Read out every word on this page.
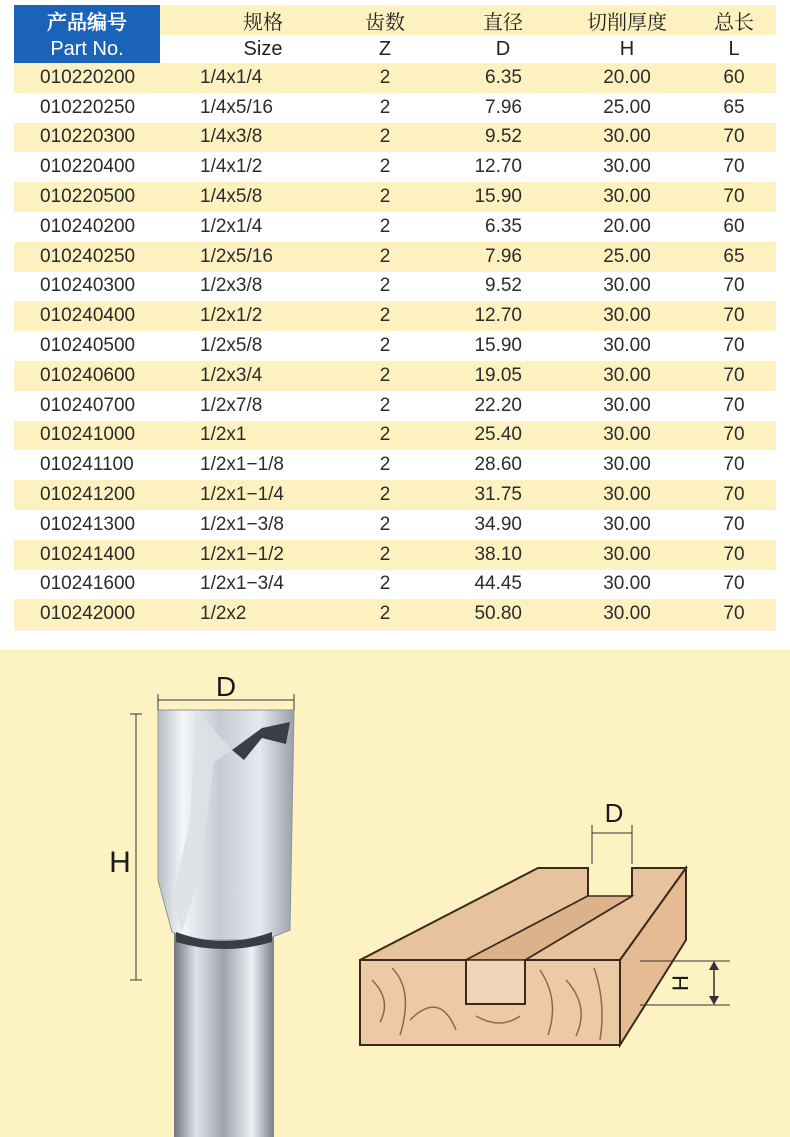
产品编号	规格	齿数	直径	切削厚度	总长
Part No.	Size	Z	D	H	L
010220200	1/4x1/4	2	6.35	20.00	60
010220250	1/4x5/16	2	7.96	25.00	65
010220300	1/4x3/8	2	9.52	30.00	70
010220400	1/4x1/2	2	12.70	30.00	70
010220500	1/4x5/8	2	15.90	30.00	70
010240200	1/2x1/4	2	6.35	20.00	60
010240250	1/2x5/16	2	7.96	25.00	65
010240300	1/2x3/8	2	9.52	30.00	70
010240400	1/2x1/2	2	12.70	30.00	70
010240500	1/2x5/8	2	15.90	30.00	70
010240600	1/2x3/4	2	19.05	30.00	70
010240700	1/2x7/8	2	22.20	30.00	70
010241000	1/2x1	2	25.40	30.00	70
010241100	1/2x1−1/8	2	28.60	30.00	70
010241200	1/2x1−1/4	2	31.75	30.00	70
010241300	1/2x1−3/8	2	34.90	30.00	70
010241400	1/2x1−1/2	2	38.10	30.00	70
010241600	1/2x1−3/4	2	44.45	30.00	70
010242000	1/2x2	2	50.80	30.00	70
D
H
D
H
